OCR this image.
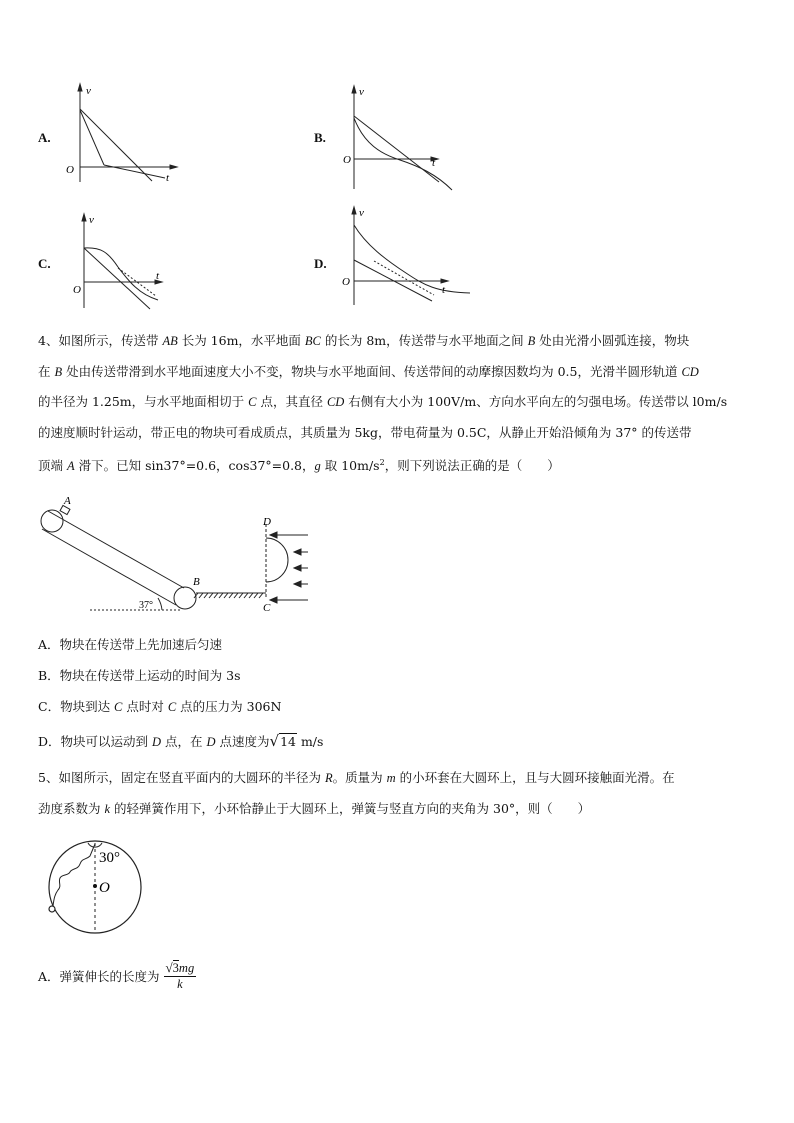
A.
v
t
O
B.
v
t
O
C.
v
t
O
D.
v
t
O
4、如图所示，传送带 AB 长为 16m，水平地面 BC 的长为 8m，传送带与水平地面之间 B 处由光滑小圆弧连接，物块
在 B 处由传送带滑到水平地面速度大小不变，物块与水平地面间、传送带间的动摩擦因数均为 0.5，光滑半圆形轨道 CD
的半径为 1.25m，与水平地面相切于 C 点，其直径 CD 右侧有大小为 100V/m、方向水平向左的匀强电场。传送带以 l0m/s
的速度顺时针运动，带正电的物块可看成质点，其质量为 5kg，带电荷量为 0.5C，从静止开始沿倾角为 37° 的传送带
顶端 A 滑下。已知 sin37°=0.6，cos37°=0.8，g 取 $10m/s^2$，则下列说法正确的是（　　）
A
B
C
D
37°
A．物块在传送带上先加速后匀速
B．物块在传送带上运动的时间为 3s
C．物块到达 C 点时对 C 点的压力为 306N
D．物块可以运动到 D 点，在 D 点速度为√14 m/s
5、如图所示，固定在竖直平面内的大圆环的半径为 R。质量为 m 的小环套在大圆环上，且与大圆环接触面光滑。在
劲度系数为 k 的轻弹簧作用下，小环恰静止于大圆环上，弹簧与竖直方向的夹角为 30°，则（　　）
30°
O
A．弹簧伸长的长度为 $\frac{√3mg}{k}$
